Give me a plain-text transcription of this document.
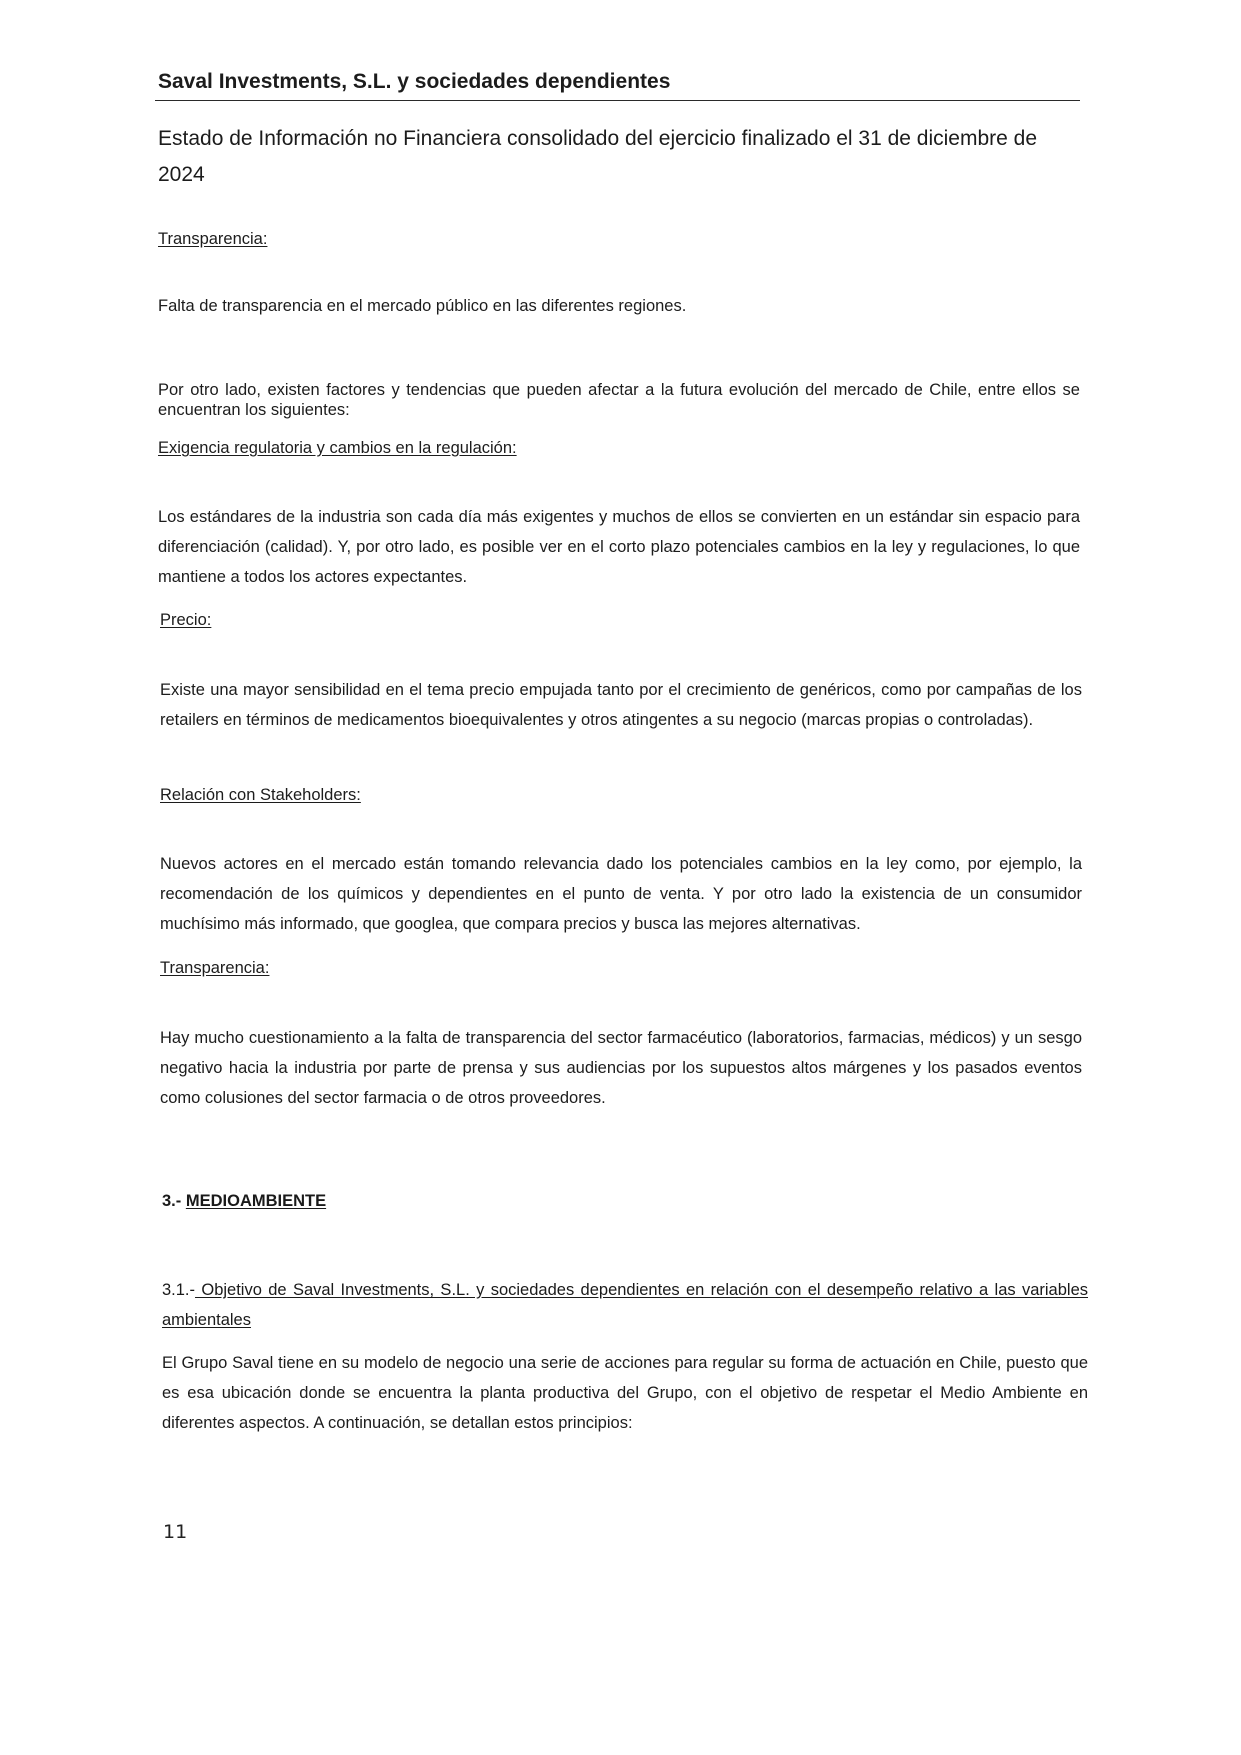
Saval Investments, S.L. y sociedades dependientes
Estado de Información no Financiera consolidado del ejercicio finalizado el 31 de diciembre de 2024
Transparencia:
Falta de transparencia en el mercado público en las diferentes regiones.
Por otro lado, existen factores y tendencias que pueden afectar a la futura evolución del mercado de Chile, entre ellos se encuentran los siguientes:
Exigencia regulatoria y cambios en la regulación:
Los estándares de la industria son cada día más exigentes y muchos de ellos se convierten en un estándar sin espacio para diferenciación (calidad). Y, por otro lado, es posible ver en el corto plazo potenciales cambios en la ley y regulaciones, lo que mantiene a todos los actores expectantes.
Precio:
Existe una mayor sensibilidad en el tema precio empujada tanto por el crecimiento de genéricos, como por campañas de los retailers en términos de medicamentos bioequivalentes y otros atingentes a su negocio (marcas propias o controladas).
Relación con Stakeholders:
Nuevos actores en el mercado están tomando relevancia dado los potenciales cambios en la ley como, por ejemplo, la recomendación de los químicos y dependientes en el punto de venta. Y por otro lado la existencia de un consumidor muchísimo más informado, que googlea, que compara precios y busca las mejores alternativas.
Transparencia:
Hay mucho cuestionamiento a la falta de transparencia del sector farmacéutico (laboratorios, farmacias, médicos) y un sesgo negativo hacia la industria por parte de prensa y sus audiencias por los supuestos altos márgenes y los pasados eventos como colusiones del sector farmacia o de otros proveedores.
3.- MEDIOAMBIENTE
3.1.- Objetivo de Saval Investments, S.L. y sociedades dependientes en relación con el desempeño relativo a las variables ambientales
El Grupo Saval tiene en su modelo de negocio una serie de acciones para regular su forma de actuación en Chile, puesto que es esa ubicación donde se encuentra la planta productiva del Grupo, con el objetivo de respetar el Medio Ambiente en diferentes aspectos. A continuación, se detallan estos principios:
11
